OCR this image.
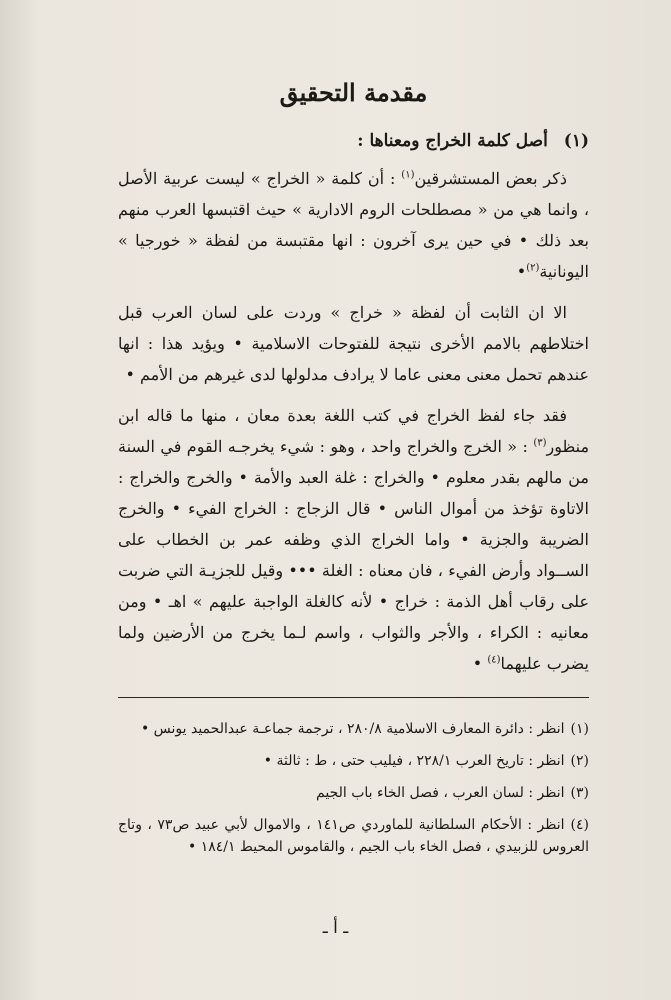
مقدمة التحقيق
(١) أصل كلمة الخراج ومعناها :

ذكر بعض المستشرقين$^{(١)}$ : أن كلمة « الخراج » ليست عربية الأصل ، وانما هي من « مصطلحات الروم الادارية » حيث اقتبسها العرب منهم بعد ذلك • في حين يرى آخرون : انها مقتبسة من لفظة « خورجيا » اليونانية$^{(٢)}$•

الا ان الثابت أن لفظة « خراج » وردت على لسان العرب قبل اختلاطهم بالامم الأخرى نتيجة للفتوحات الاسلامية • ويؤيد هذا : انها عندهم تحمل معنى معنى عاما لا يرادف مدلولها لدى غيرهم من الأمم •

فقد جاء لفظ الخراج في كتب اللغة بعدة معان ، منها ما قاله ابن منظور$^{(٣)}$ : « الخرج والخراج واحد ، وهو : شيء يخرجـه القوم في السنة من مالهم بقدر معلوم • والخراج : غلة العبد والأمة • والخرج والخراج : الاتاوة تؤخذ من أموال الناس • قال الزجاج : الخراج الفيء • والخرج الضريبة والجزية • واما الخراج الذي وظفه عمر بن الخطاب على الســواد وأرض الفيء ، فان معناه : الغلة ••• وقيل للجزيـة التي ضربت على رقاب أهل الذمة : خراج • لأنه كالغلة الواجبة عليهم » اهـ • ومن معانيه : الكراء ، والأجر والثواب ، واسم لـما يخرج من الأرضين ولما يضرب عليهما$^{(٤)}$ •

(١)انظر : دائرة المعارف الاسلامية ٢٨٠/٨ ، ترجمة جماعـة عبدالحميد يونس •
(٢)انظر : تاريخ العرب ٢٢٨/١ ، فيليب حتى ، ط : ثالثة •
(٣)انظر : لسان العرب ، فصل الخاء باب الجيم
(٤)انظر : الأحكام السلطانية للماوردي ص١٤١ ، والاموال لأبي عبيد ص٧٣ ، وتاج العروس للزبيدي ، فصل الخاء باب الجيم ، والقاموس المحيط ١٨٤/١ •
ـ أ ـ
